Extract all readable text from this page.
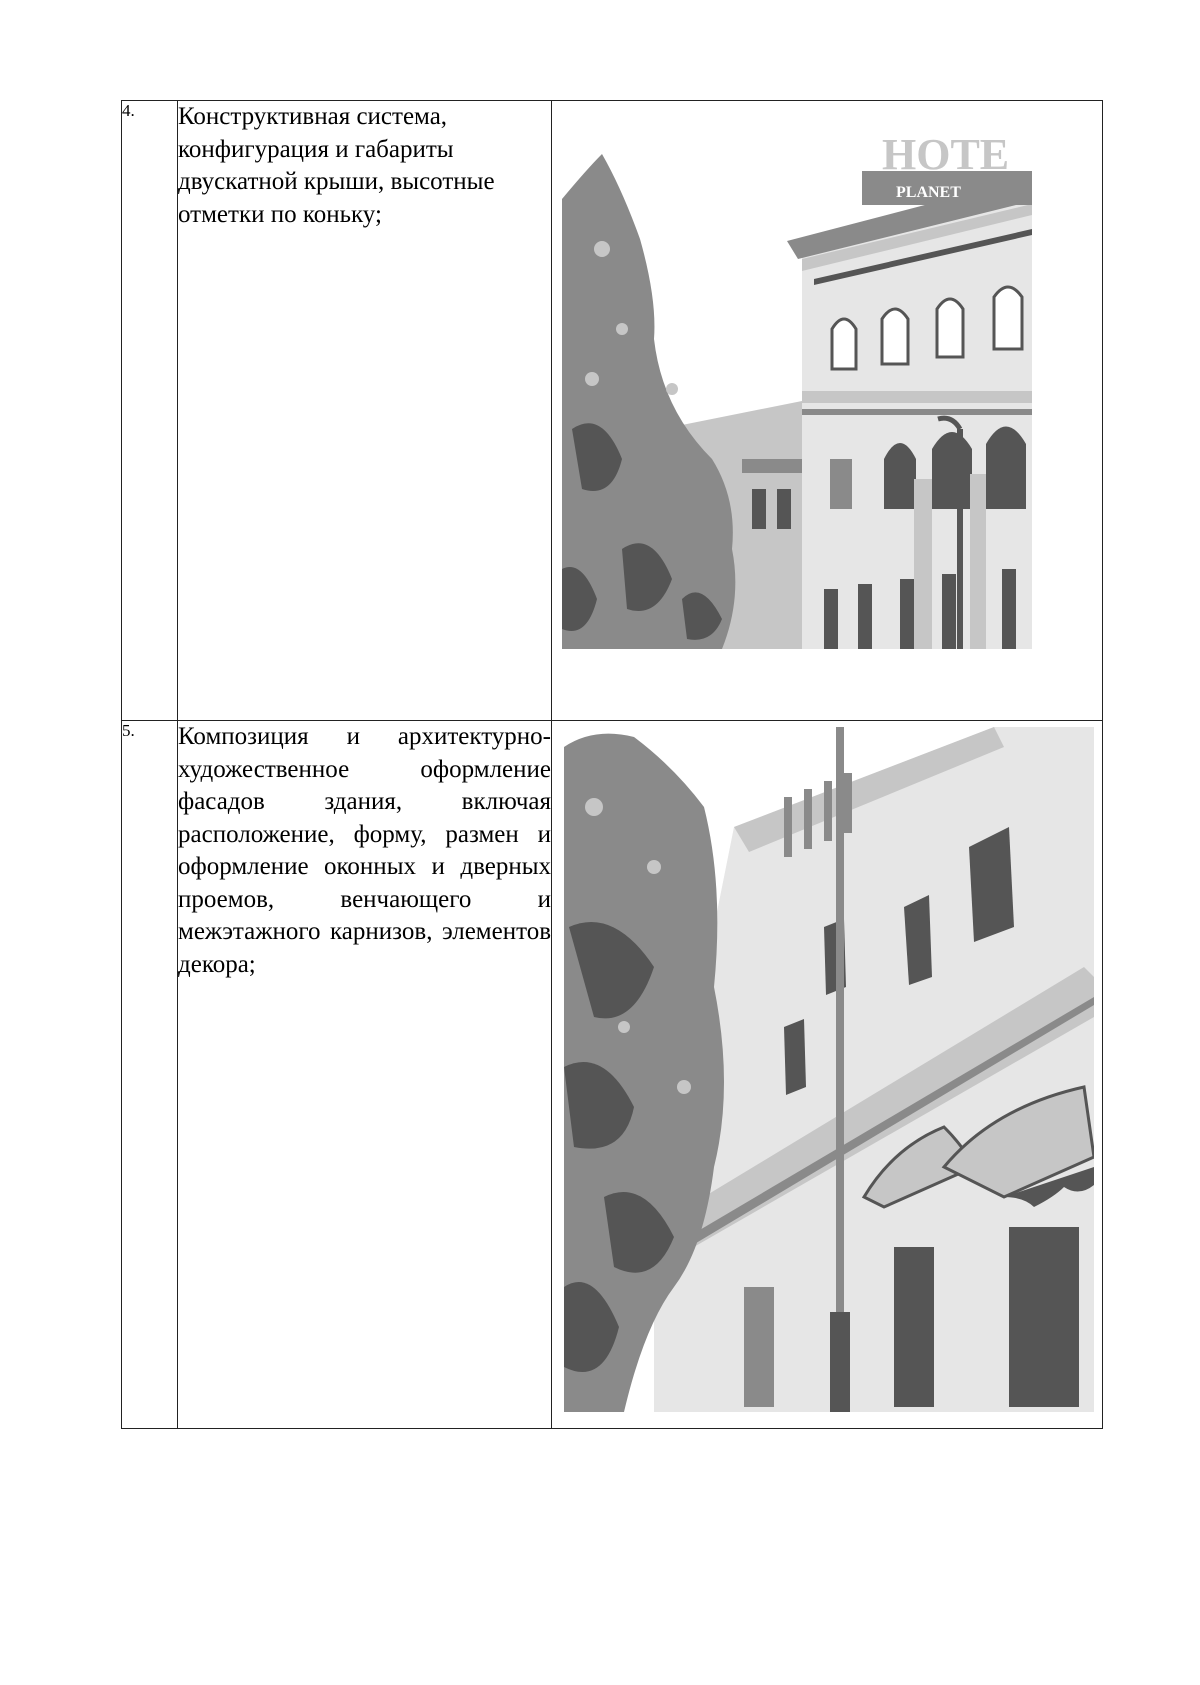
4.	Конструктивная система, конфигурация и габариты двускатной крыши, высотные отметки по коньку;	HOTE
PLANET

5.	Композиция и архитектурно-художественное оформление фасадов здания, включая расположение, форму, размен и оформление оконных и дверных проемов, венчающего и межэтажного карнизов, элементов декора;	
